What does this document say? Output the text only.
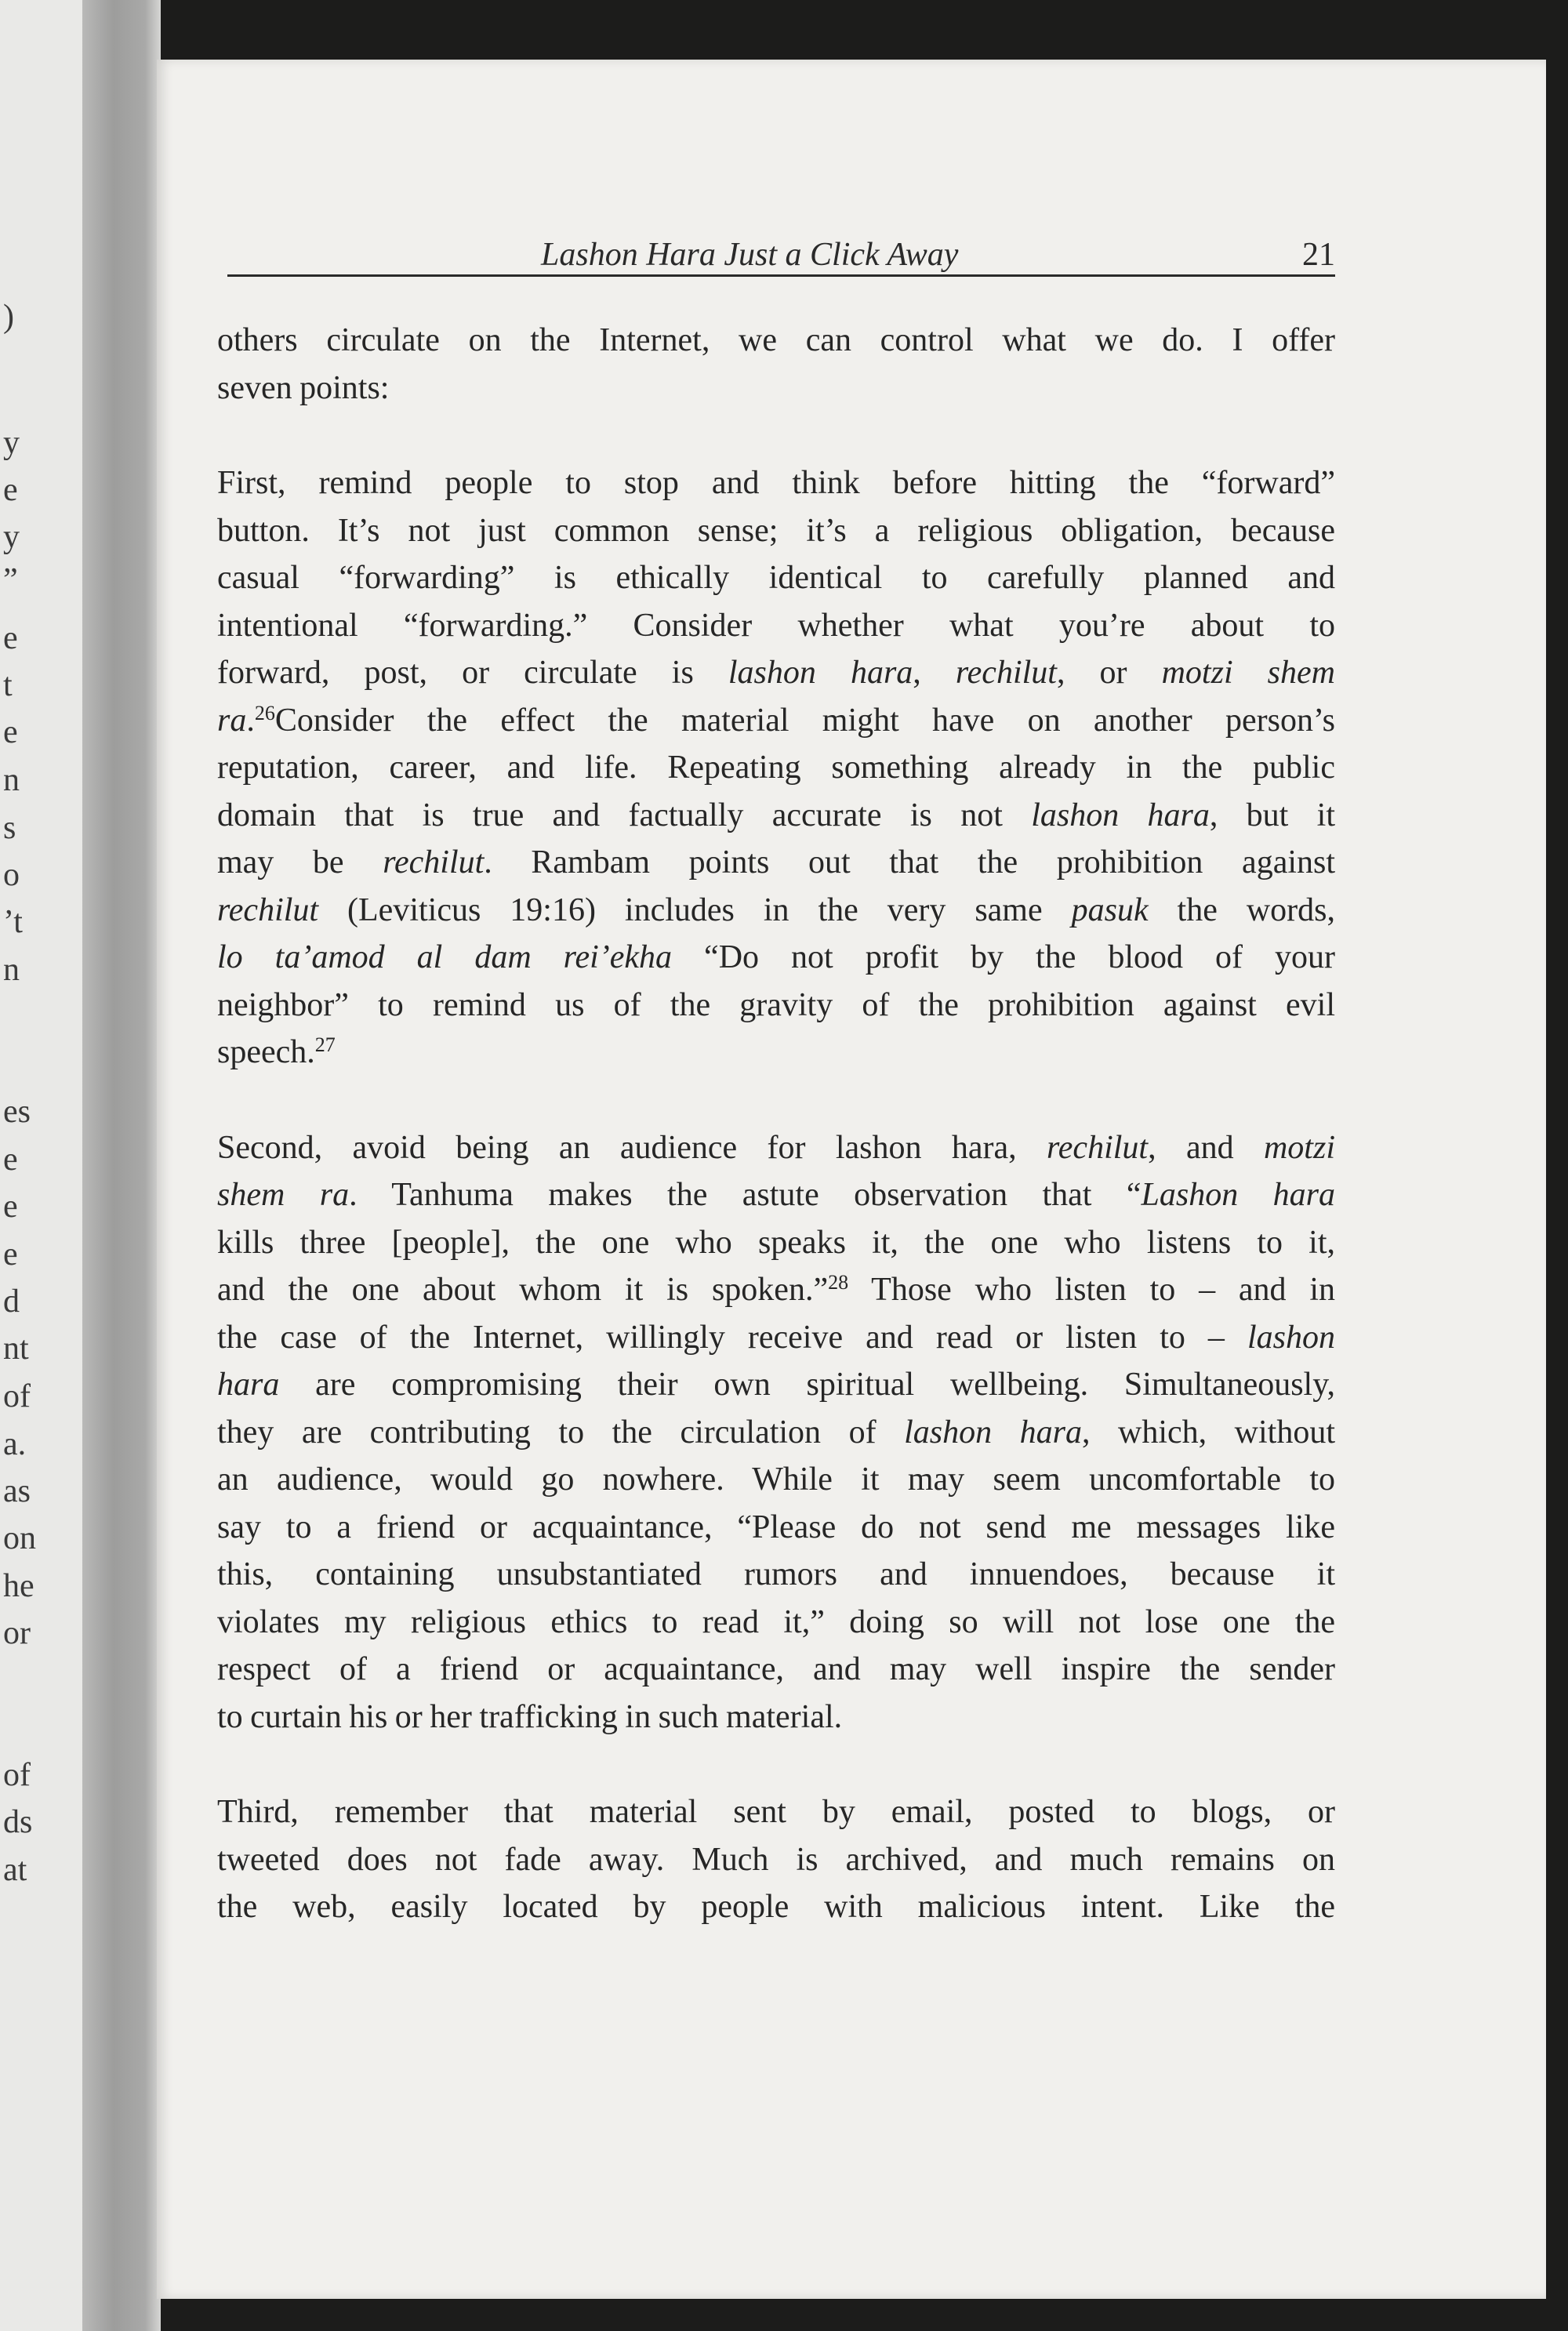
)
y
e
y
”
e
t
e
n
s
o
’t
n
es
e
e
e
d
nt
of
a.
as
on
he
or
of
ds
at
Lashon Hara Just a Click Away	21
others circulate on the Internet, we can control what we do. I offer
seven points:
First, remind people to stop and think before hitting the “forward”
button. It’s not just common sense; it’s a religious obligation, because
casual “forwarding” is ethically identical to carefully planned and
intentional “forwarding.” Consider whether what you’re about to
forward, post, or circulate is lashon hara, rechilut, or motzi shem
ra.$^{26}$Consider the effect the material might have on another person’s
reputation, career, and life. Repeating something already in the public
domain that is true and factually accurate is not lashon hara, but it
may be rechilut. Rambam points out that the prohibition against
rechilut (Leviticus 19:16) includes in the very same pasuk the words,
lo ta’amod al dam rei’ekha “Do not profit by the blood of your
neighbor” to remind us of the gravity of the prohibition against evil
speech.$^{27}$
Second, avoid being an audience for lashon hara, rechilut, and motzi
shem ra. Tanhuma makes the astute observation that “Lashon hara
kills three [people], the one who speaks it, the one who listens to it,
and the one about whom it is spoken.”$^{28}$ Those who listen to – and in
the case of the Internet, willingly receive and read or listen to – lashon
hara are compromising their own spiritual wellbeing. Simultaneously,
they are contributing to the circulation of lashon hara, which, without
an audience, would go nowhere. While it may seem uncomfortable to
say to a friend or acquaintance, “Please do not send me messages like
this, containing unsubstantiated rumors and innuendoes, because it
violates my religious ethics to read it,” doing so will not lose one the
respect of a friend or acquaintance, and may well inspire the sender
to curtain his or her trafficking in such material.
Third, remember that material sent by email, posted to blogs, or
tweeted does not fade away. Much is archived, and much remains on
the web, easily located by people with malicious intent. Like the
